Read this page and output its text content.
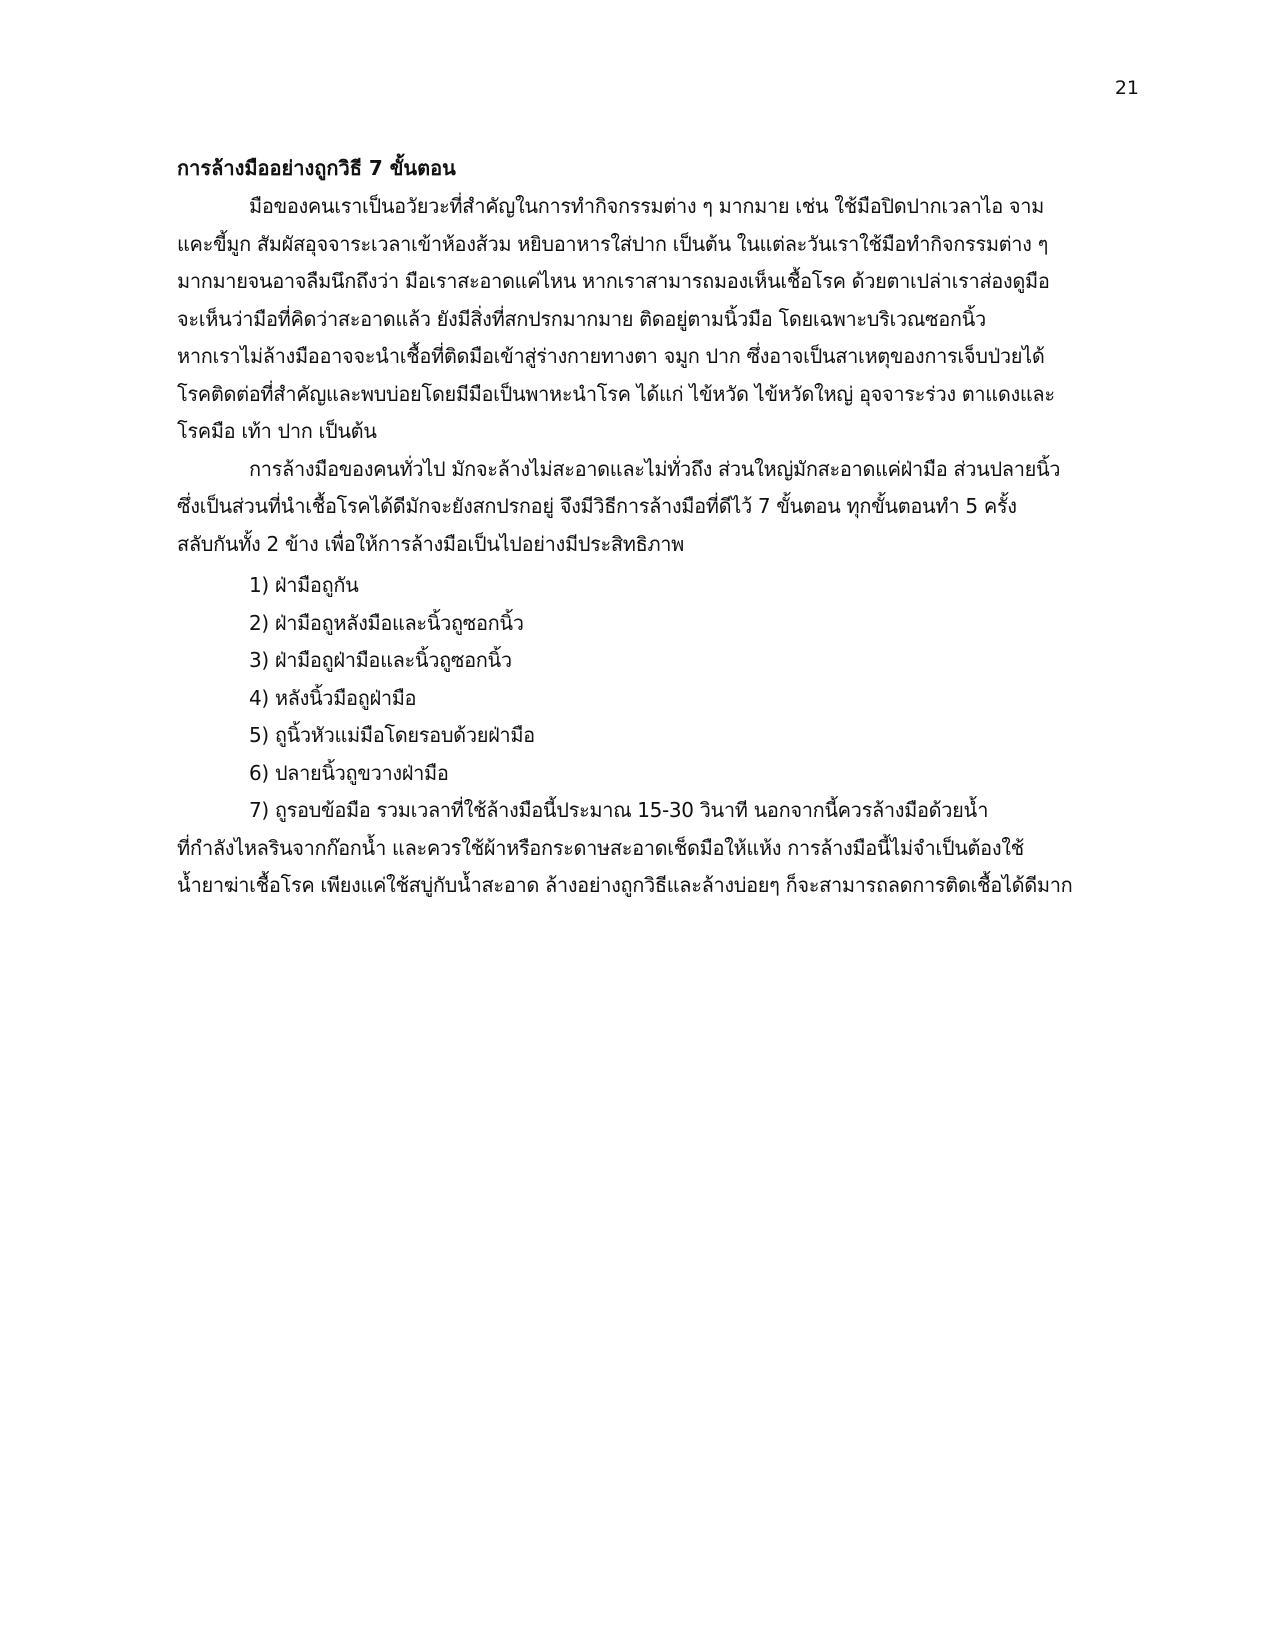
21
การล้างมืออย่างถูกวิธี 7 ขั้นตอน
มือของคนเราเป็นอวัยวะที่สำคัญในการทำกิจกรรมต่าง ๆ มากมาย เช่น ใช้มือปิดปากเวลาไอ จาม
แคะขี้มูก สัมผัสอุจจาระเวลาเข้าห้องส้วม หยิบอาหารใส่ปาก เป็นต้น ในแต่ละวันเราใช้มือทำกิจกรรมต่าง ๆ
มากมายจนอาจลืมนึกถึงว่า มือเราสะอาดแค่ไหน หากเราสามารถมองเห็นเชื้อโรค ด้วยตาเปล่าเราส่องดูมือ
จะเห็นว่ามือที่คิดว่าสะอาดแล้ว ยังมีสิ่งที่สกปรกมากมาย ติดอยู่ตามนิ้วมือ โดยเฉพาะบริเวณซอกนิ้ว
หากเราไม่ล้างมืออาจจะนำเชื้อที่ติดมือเข้าสู่ร่างกายทางตา จมูก ปาก ซึ่งอาจเป็นสาเหตุของการเจ็บป่วยได้
โรคติดต่อที่สำคัญและพบบ่อยโดยมีมือเป็นพาหะนำโรค ได้แก่ ไข้หวัด ไข้หวัดใหญ่ อุจจาระร่วง ตาแดงและ
โรคมือ เท้า ปาก เป็นต้น
การล้างมือของคนทั่วไป มักจะล้างไม่สะอาดและไม่ทั่วถึง ส่วนใหญ่มักสะอาดแค่ฝ่ามือ ส่วนปลายนิ้ว
ซึ่งเป็นส่วนที่นำเชื้อโรคได้ดีมักจะยังสกปรกอยู่ จึงมีวิธีการล้างมือที่ดีไว้ 7 ขั้นตอน ทุกขั้นตอนทำ 5 ครั้ง
สลับกันทั้ง 2 ข้าง เพื่อให้การล้างมือเป็นไปอย่างมีประสิทธิภาพ
1) ฝ่ามือถูกัน
2) ฝ่ามือถูหลังมือและนิ้วถูซอกนิ้ว
3) ฝ่ามือถูฝ่ามือและนิ้วถูซอกนิ้ว
4) หลังนิ้วมือถูฝ่ามือ
5) ถูนิ้วหัวแม่มือโดยรอบด้วยฝ่ามือ
6) ปลายนิ้วถูขวางฝ่ามือ
7) ถูรอบข้อมือ รวมเวลาที่ใช้ล้างมือนี้ประมาณ 15-30 วินาที นอกจากนี้ควรล้างมือด้วยน้ำ
ที่กำลังไหลรินจากก๊อกน้ำ และควรใช้ผ้าหรือกระดาษสะอาดเช็ดมือให้แห้ง การล้างมือนี้ไม่จำเป็นต้องใช้
น้ำยาฆ่าเชื้อโรค เพียงแค่ใช้สบู่กับน้ำสะอาด ล้างอย่างถูกวิธีและล้างบ่อยๆ ก็จะสามารถลดการติดเชื้อได้ดีมาก
